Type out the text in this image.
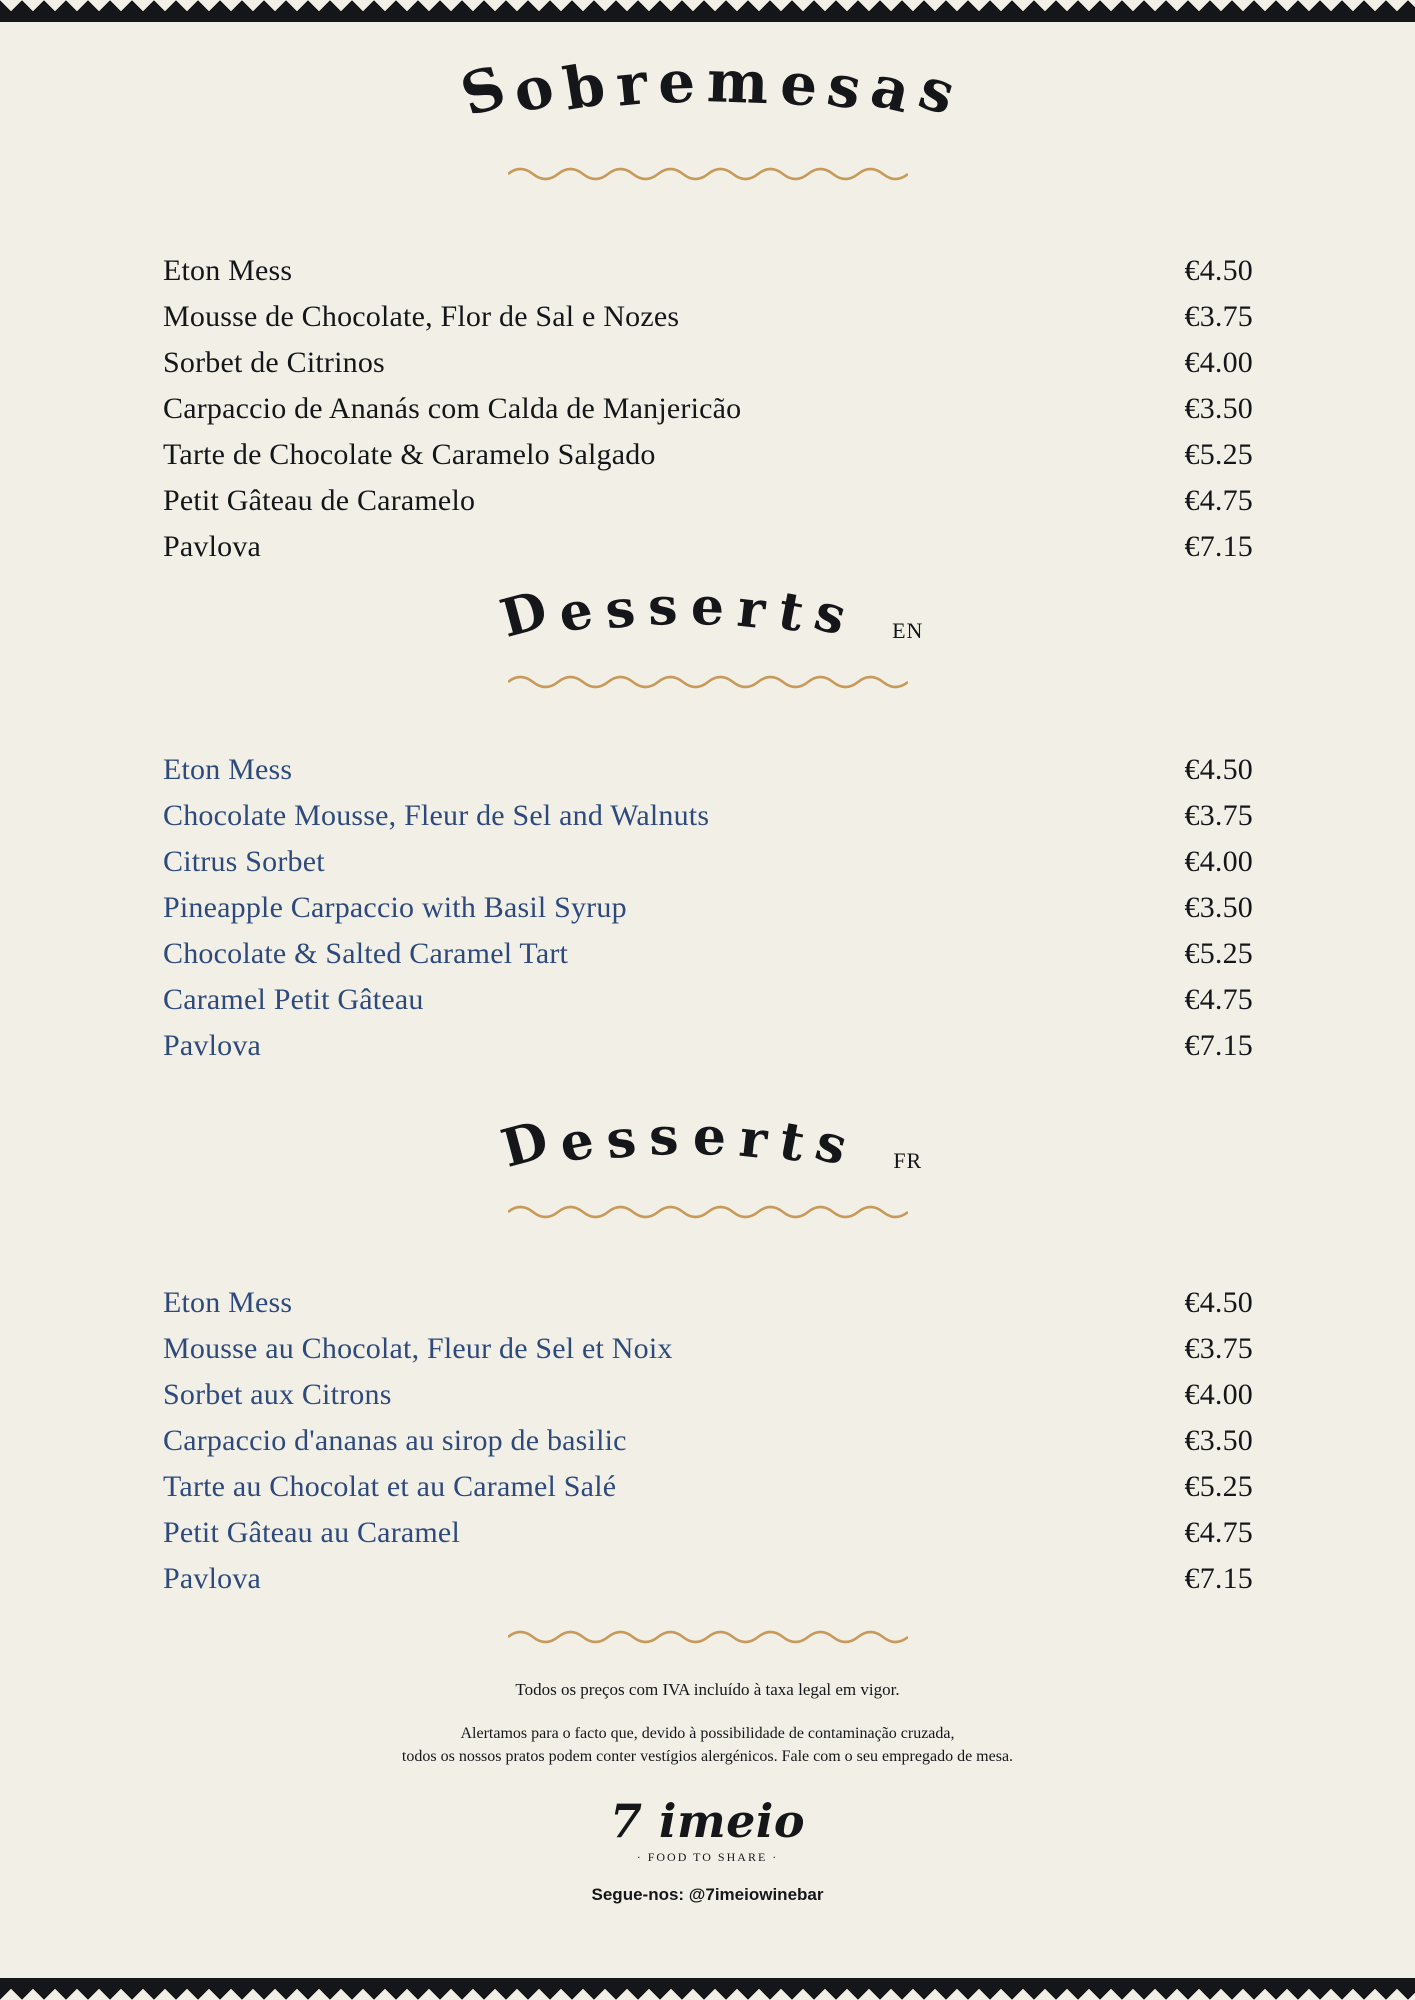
Sobr e m esas
Eton Mess	€4.50
Mousse de Chocolate, Flor de Sal e Nozes	€3.75
Sorbet de Citrinos	€4.00
Carpaccio de Ananás com Calda de Manjericão	€3.50
Tarte de Chocolate & Caramelo Salgado	€5.25
Petit Gâteau de Caramelo	€4.75
Pavlova	€7.15
Des s e rts EN
Eton Mess	€4.50
Chocolate Mousse, Fleur de Sel and Walnuts	€3.75
Citrus Sorbet	€4.00
Pineapple Carpaccio with Basil Syrup	€3.50
Chocolate & Salted Caramel Tart	€5.25
Caramel Petit Gâteau	€4.75
Pavlova	€7.15
Des s e rts FR
Eton Mess	€4.50
Mousse au Chocolat, Fleur de Sel et Noix	€3.75
Sorbet aux Citrons	€4.00
Carpaccio d'ananas au sirop de basilic	€3.50
Tarte au Chocolat et au Caramel Salé	€5.25
Petit Gâteau au Caramel	€4.75
Pavlova	€7.15
Todos os preços com IVA incluído à taxa legal em vigor.
Alertamos para o facto que, devido à possibilidade de contaminação cruzada,
todos os nossos pratos podem conter vestígios alergénicos. Fale com o seu empregado de mesa.
7 imeio
· FOOD TO SHARE ·
Segue-nos: @7imeiowinebar
